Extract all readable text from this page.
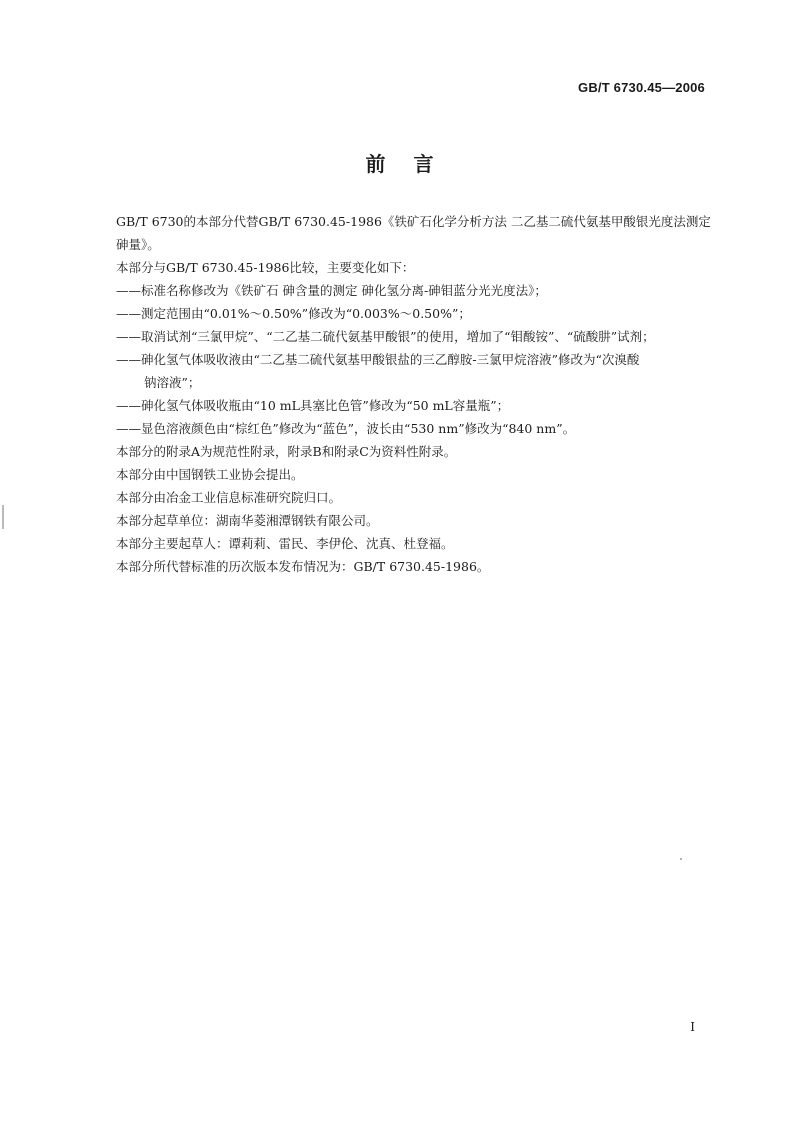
GB/T 6730.45—2006
前言
GB/T 6730的本部分代替GB/T 6730.45-1986《铁矿石化学分析方法 二乙基二硫代氨基甲酸银光度法测定砷量》。
本部分与GB/T 6730.45-1986比较，主要变化如下：
——标准名称修改为《铁矿石 砷含量的测定 砷化氢分离-砷钼蓝分光光度法》；
——测定范围由“0.01%～0.50%”修改为“0.003%～0.50%”；
——取消试剂“三氯甲烷”、“二乙基二硫代氨基甲酸银”的使用，增加了“钼酸铵”、“硫酸肼”试剂；
——砷化氢气体吸收液由“二乙基二硫代氨基甲酸银盐的三乙醇胺-三氯甲烷溶液”修改为“次溴酸
钠溶液”；
——砷化氢气体吸收瓶由“10 mL具塞比色管”修改为“50 mL容量瓶”；
——显色溶液颜色由“棕红色”修改为“蓝色”，波长由“530 nm”修改为“840 nm”。
本部分的附录A为规范性附录，附录B和附录C为资料性附录。
本部分由中国钢铁工业协会提出。
本部分由冶金工业信息标准研究院归口。
本部分起草单位：湖南华菱湘潭钢铁有限公司。
本部分主要起草人：谭莉莉、雷民、李伊伦、沈真、杜登福。
本部分所代替标准的历次版本发布情况为：GB/T 6730.45-1986。
I
